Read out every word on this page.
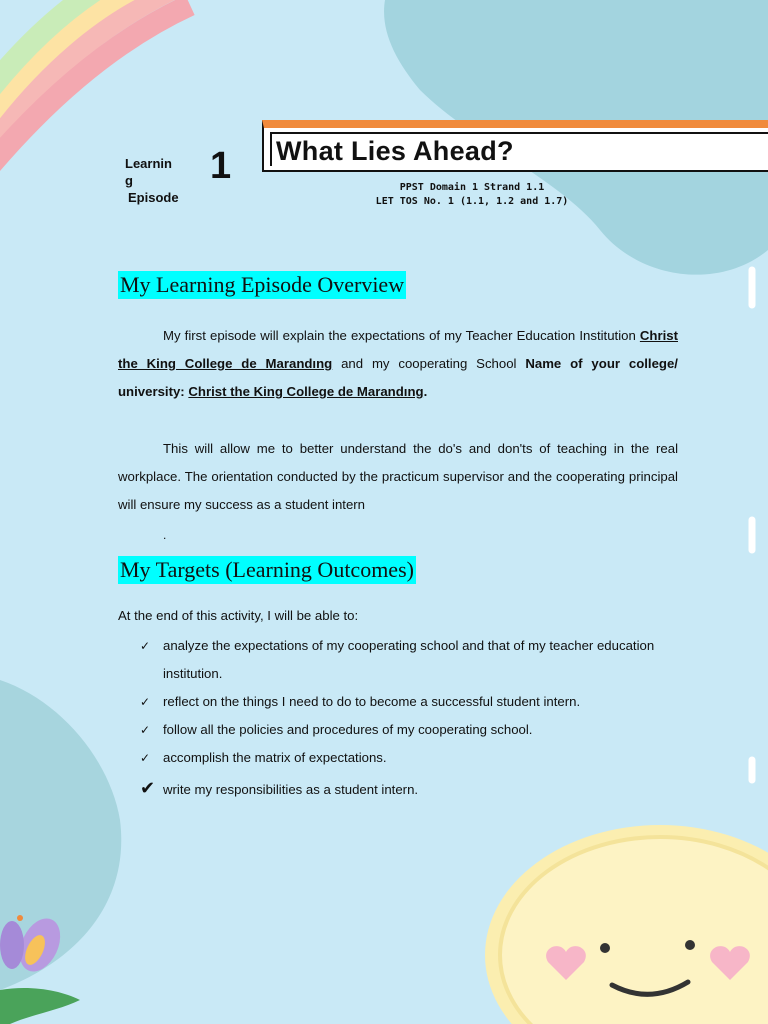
Learnin
g
Episode
1 What Lies Ahead?
PPST Domain 1 Strand 1.1
LET TOS No. 1 (1.1, 1.2 and 1.7)
My Learning Episode Overview
My first episode will explain the expectations of my Teacher Education Institution Christ the King College de Marandıng and my cooperating School Name of your college/ university: Christ the King College de Marandıng.
This will allow me to better understand the do's and don'ts of teaching in the real workplace. The orientation conducted by the practicum supervisor and the cooperating principal will ensure my success as a student intern
.
My Targets (Learning Outcomes)
At the end of this activity, I will be able to:
✓ analyze the expectations of my cooperating school and that of my teacher education institution.
✓ reflect on the things I need to do to become a successful student intern.
✓ follow all the policies and procedures of my cooperating school.
✓ accomplish the matrix of expectations.
✔ write my responsibilities as a student intern.
